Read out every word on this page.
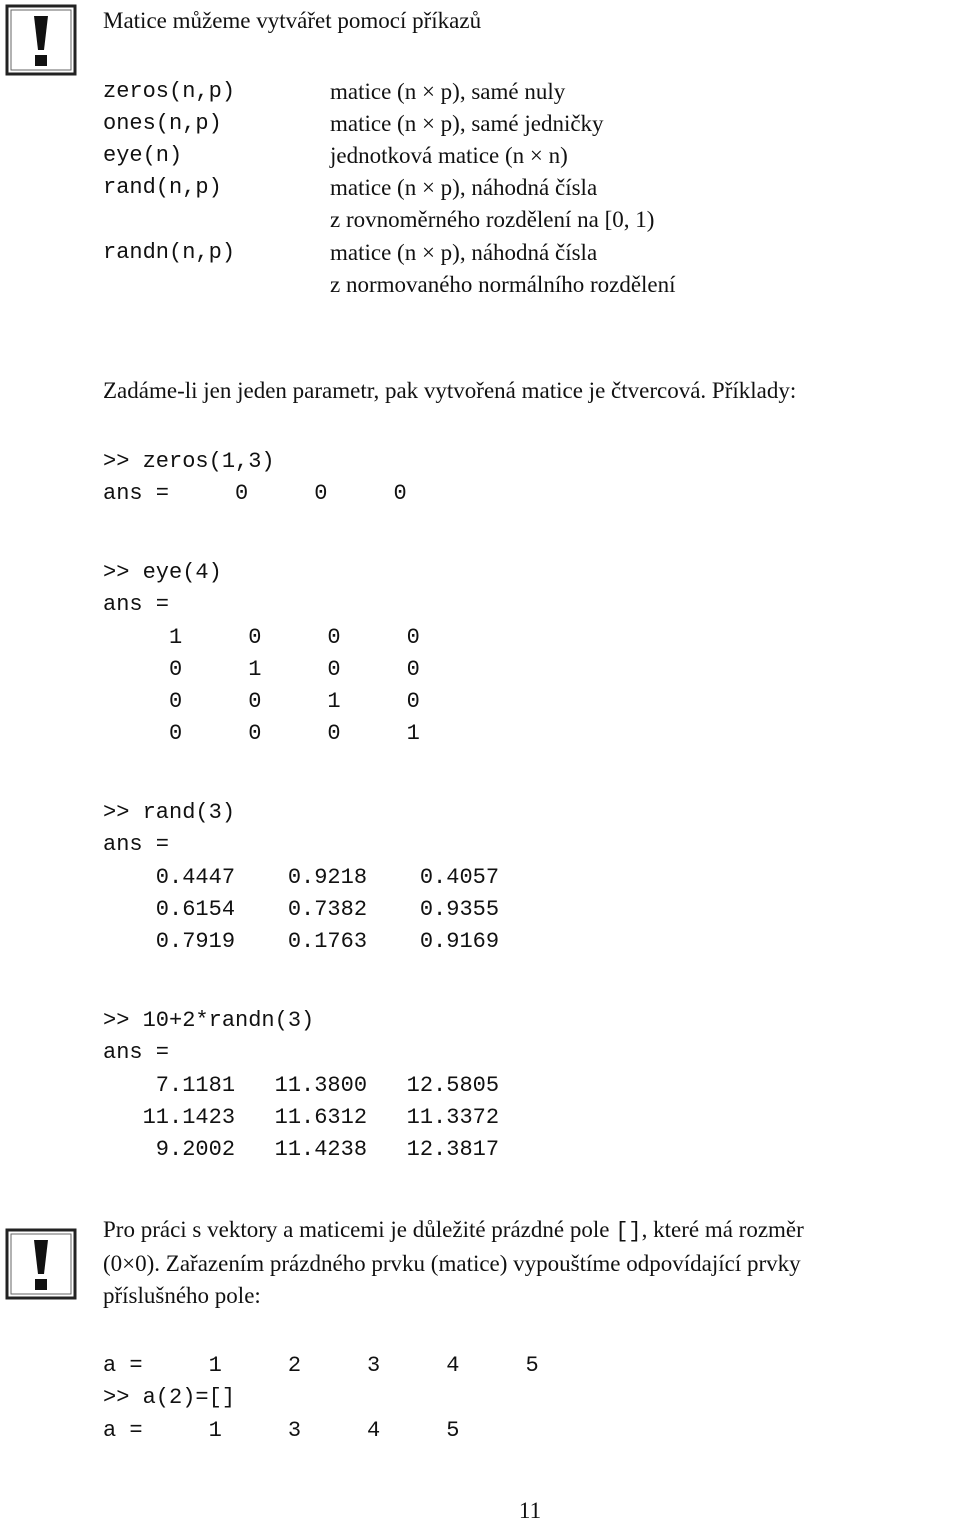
Matice můžeme vytvářet pomocí příkazů
zeros(n,p)	matice (n × p), samé nuly
ones(n,p)	matice (n × p), samé jedničky
eye(n)	jednotková matice (n × n)
rand(n,p)	matice (n × p), náhodná čísla
z rovnoměrného rozdělení na [0, 1)
randn(n,p)	matice (n × p), náhodná čísla
z normovaného normálního rozdělení
Zadáme-li jen jeden parametr, pak vytvořená matice je čtvercová. Příklady:
>> zeros(1,3)
ans =     0     0     0
>> eye(4)
ans =
1     0     0     0
0     1     0     0
0     0     1     0
0     0     0     1
>> rand(3)
ans =
0.4447    0.9218    0.4057
0.6154    0.7382    0.9355
0.7919    0.1763    0.9169
>> 10+2*randn(3)
ans =
7.1181   11.3800   12.5805
11.1423   11.6312   11.3372
9.2002   11.4238   12.3817
Pro práci s vektory a maticemi je důležité prázdné pole [], které má rozměr
(0×0). Zařazením prázdného prvku (matice) vypouštíme odpovídající prvky
příslušného pole:
a =     1     2     3     4     5
>> a(2)=[]
a =     1     3     4     5
11
